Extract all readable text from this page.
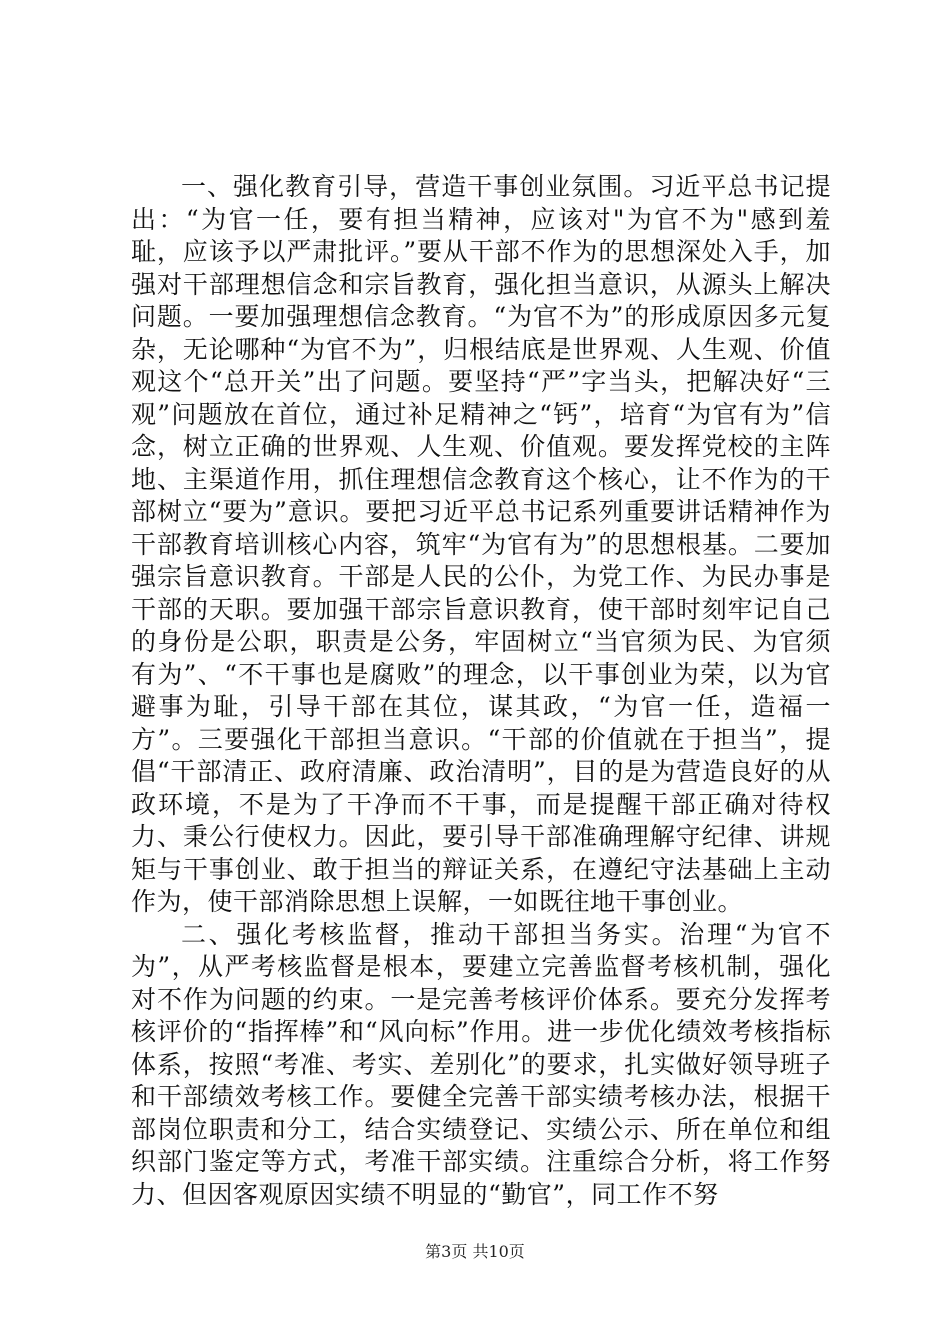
一、强化教育引导，营造干事创业氛围。习近平总书记提出：“为官一任，要有担当精神，应该对"为官不为"感到羞耻，应该予以严肃批评。”要从干部不作为的思想深处入手，加强对干部理想信念和宗旨教育，强化担当意识，从源头上解决问题。一要加强理想信念教育。“为官不为”的形成原因多元复杂，无论哪种“为官不为”，归根结底是世界观、人生观、价值观这个“总开关”出了问题。要坚持“严”字当头，把解决好“三观”问题放在首位，通过补足精神之“钙”，培育“为官有为”信念，树立正确的世界观、人生观、价值观。要发挥党校的主阵地、主渠道作用，抓住理想信念教育这个核心，让不作为的干部树立“要为”意识。要把习近平总书记系列重要讲话精神作为干部教育培训核心内容，筑牢“为官有为”的思想根基。二要加强宗旨意识教育。干部是人民的公仆，为党工作、为民办事是干部的天职。要加强干部宗旨意识教育，使干部时刻牢记自己的身份是公职，职责是公务，牢固树立“当官须为民、为官须有为”、“不干事也是腐败”的理念，以干事创业为荣，以为官避事为耻，引导干部在其位，谋其政，“为官一任，造福一方”。三要强化干部担当意识。“干部的价值就在于担当”，提倡“干部清正、政府清廉、政治清明”，目的是为营造良好的从政环境，不是为了干净而不干事，而是提醒干部正确对待权力、秉公行使权力。因此，要引导干部准确理解守纪律、讲规矩与干事创业、敢于担当的辩证关系，在遵纪守法基础上主动作为，使干部消除思想上误解，一如既往地干事创业。

二、强化考核监督，推动干部担当务实。治理“为官不为”，从严考核监督是根本，要建立完善监督考核机制，强化对不作为问题的约束。一是完善考核评价体系。要充分发挥考核评价的“指挥棒”和“风向标”作用。进一步优化绩效考核指标体系，按照“考准、考实、差别化”的要求，扎实做好领导班子和干部绩效考核工作。要健全完善干部实绩考核办法，根据干部岗位职责和分工，结合实绩登记、实绩公示、所在单位和组织部门鉴定等方式，考准干部实绩。注重综合分析，将工作努力、但因客观原因实绩不明显的“勤官”，同工作不努

第3页 共10页
